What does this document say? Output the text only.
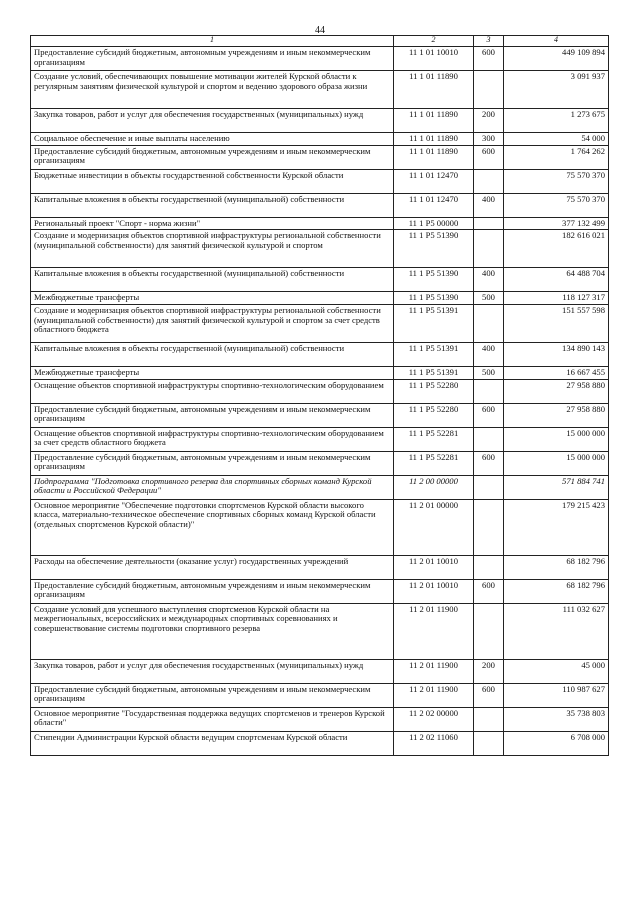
44
1	2	3	4
Предоставление субсидий бюджетным, автономным учреждениям и иным некоммерческим организациям	11 1 01 10010	600	449 109 894
Создание условий, обеспечивающих повышение мотивации жителей Курской области к регулярным занятиям физической культурой и спортом и ведению здорового образа жизни	11 1 01 11890		3 091 937
Закупка товаров, работ и услуг для обеспечения государственных (муниципальных) нужд	11 1 01 11890	200	1 273 675
Социальное обеспечение и иные выплаты населению	11 1 01 11890	300	54 000
Предоставление субсидий бюджетным, автономным учреждениям и иным некоммерческим организациям	11 1 01 11890	600	1 764 262
Бюджетные инвестиции в объекты государственной собственности Курской области	11 1 01 12470		75 570 370
Капитальные вложения в объекты государственной (муниципальной) собственности	11 1 01 12470	400	75 570 370
Региональный проект "Спорт - норма жизни"	11 1 P5 00000		377 132 499
Создание и модернизация объектов спортивной инфраструктуры региональной собственности (муниципальной собственности) для занятий физической культурой и спортом	11 1 P5 51390		182 616 021
Капитальные вложения в объекты государственной (муниципальной) собственности	11 1 P5 51390	400	64 488 704
Межбюджетные трансферты	11 1 P5 51390	500	118 127 317
Создание и модернизация объектов спортивной инфраструктуры региональной собственности (муниципальной собственности) для занятий физической культурой и спортом за счет средств областного бюджета	11 1 P5 51391		151 557 598
Капитальные вложения в объекты государственной (муниципальной) собственности	11 1 P5 51391	400	134 890 143
Межбюджетные трансферты	11 1 P5 51391	500	16 667 455
Оснащение объектов спортивной инфраструктуры спортивно-технологическим оборудованием	11 1 P5 52280		27 958 880
Предоставление субсидий бюджетным, автономным учреждениям и иным некоммерческим организациям	11 1 P5 52280	600	27 958 880
Оснащение объектов спортивной инфраструктуры спортивно-технологическим оборудованием за счет средств областного бюджета	11 1 P5 52281		15 000 000
Предоставление субсидий бюджетным, автономным учреждениям и иным некоммерческим организациям	11 1 P5 52281	600	15 000 000
Подпрограмма "Подготовка спортивного резерва для спортивных сборных команд Курской области и Российской Федерации"	11 2 00 00000		571 884 741
Основное мероприятие "Обеспечение подготовки спортсменов Курской области высокого класса, материально-техническое обеспечение спортивных сборных команд Курской области (отдельных спортсменов Курской области)"	11 2 01 00000		179 215 423
Расходы на обеспечение деятельности (оказание услуг) государственных учреждений	11 2 01 10010		68 182 796
Предоставление субсидий бюджетным, автономным учреждениям и иным некоммерческим организациям	11 2 01 10010	600	68 182 796
Создание условий для успешного выступления спортсменов Курской области на межрегиональных, всероссийских и международных спортивных соревнованиях и совершенствование системы подготовки спортивного резерва	11 2 01 11900		111 032 627
Закупка товаров, работ и услуг для обеспечения государственных (муниципальных) нужд	11 2 01 11900	200	45 000
Предоставление субсидий бюджетным, автономным учреждениям и иным некоммерческим организациям	11 2 01 11900	600	110 987 627
Основное мероприятие "Государственная поддержка ведущих спортсменов и тренеров Курской области"	11 2 02 00000		35 738 803
Стипендии Администрации Курской области ведущим спортсменам Курской области	11 2 02 11060		6 708 000
